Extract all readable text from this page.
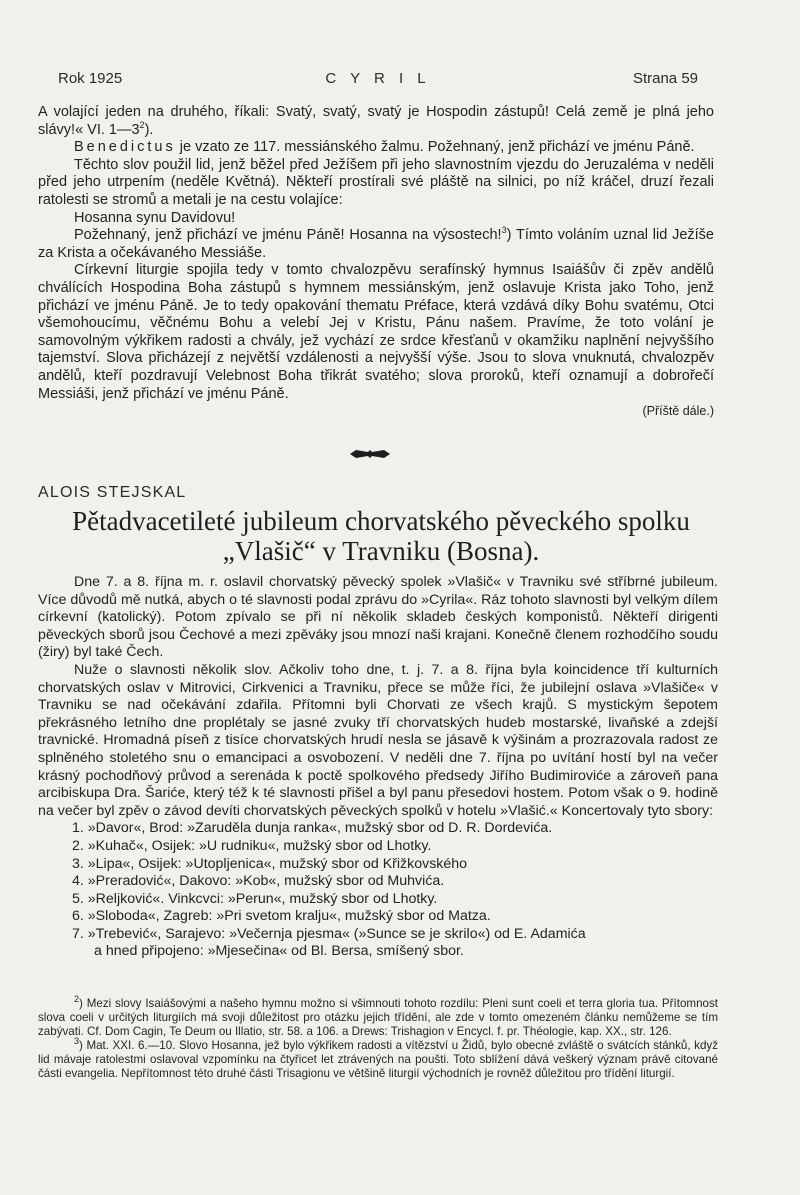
Rok 1925	C Y R I L	Strana 59

A volající jeden na druhého, říkali: Svatý, svatý, svatý je Hospodin zástupů! Celá země je plná jeho slávy!« VI. $1—3^2$).

Benedictus je vzato ze 117. messiánského žalmu. Požehnaný, jenž přichází ve jménu Páně.

Těchto slov použil lid, jenž běžel před Ježíšem při jeho slavnostním vjezdu do Jeruzaléma v neděli před jeho utrpením (neděle Květná). Někteří prostírali své pláště na silnici, po níž kráčel, druzí řezali ratolesti se stromů a metali je na cestu volajíce:

Hosanna synu Davidovu!

Požehnaný, jenž přichází ve jménu Páně! Hosanna na výsostech!$^3$) Tímto voláním uznal lid Ježíše za Krista a očekávaného Messiáše.

Církevní liturgie spojila tedy v tomto chvalozpěvu serafínský hymnus Isaiášův či zpěv andělů chválících Hospodina Boha zástupů s hymnem messiánským, jenž oslavuje Krista jako Toho, jenž přichází ve jménu Páně. Je to tedy opakování thematu Préface, která vzdává díky Bohu svatému, Otci všemohoucímu, věčnému Bohu a velebí Jej v Kristu, Pánu našem. Pravíme, že toto volání je samovolným výkřikem radosti a chvály, jež vychází ze srdce křesťanů v okamžiku naplnění nejvyššího tajemství. Slova přicházejí z největší vzdálenosti a nejvyšší výše. Jsou to slova vnuknutá, chvalozpěv andělů, kteří pozdravují Velebnost Boha třikrát svatého; slova proroků, kteří oznamují a dobrořečí Messiáši, jenž přichází ve jménu Páně.

(Příště dále.)

ALOIS STEJSKAL
Pětadvacetileté jubileum chorvatského pěveckého spolku
„Vlašič“ v Travniku (Bosna).

Dne 7. a 8. října m. r. oslavil chorvatský pěvecký spolek »Vlašič« v Travniku své stříbrné jubileum. Více důvodů mě nutká, abych o té slavnosti podal zprávu do »Cyrila«. Ráz tohoto slavnosti byl velkým dílem církevní (katolický). Potom zpívalo se při ní několik skladeb českých komponistů. Někteří dirigenti pěveckých sborů jsou Čechové a mezi zpěváky jsou mnozí naši krajani. Konečně členem rozhodčího soudu (žiry) byl také Čech.

Nuže o slavnosti několik slov. Ačkoliv toho dne, t. j. 7. a 8. října byla koincidence tří kulturních chorvatských oslav v Mitrovici, Cirkvenici a Travniku, přece se může říci, že jubilejní oslava »Vlašiče« v Travniku se nad očekávání zdařila. Přítomni byli Chorvati ze všech krajů. S mystickým šepotem překrásného letního dne proplétaly se jasné zvuky tří chorvatských hudeb mostarské, livaňské a zdejší travnické. Hromadná píseň z tisíce chorvatských hrudí nesla se jásavě k výšinám a prozrazovala radost ze splněného stoletého snu o emancipaci a osvobození. V neděli dne 7. října po uvítání hostí byl na večer krásný pochodňový průvod a serenáda k poctě spolkového předsedy Jiřího Budimiroviće a zároveň pana arcibiskupa Dra. Šariće, který též k té slavnosti přišel a byl panu přesedovi hostem. Potom však o 9. hodině na večer byl zpěv o závod devíti chorvatských pěveckých spolků v hotelu »Vlašić.« Koncertovaly tyto sbory:

1. »Davor«, Brod: »Zaruděla dunja ranka«, mužský sbor od D. R. Dordevića.
2. »Kuhač«, Osijek: »U rudniku«, mužský sbor od Lhotky.
3. »Lipa«, Osijek: »Utopljenica«, mužský sbor od Křižkovského
4. »Preradović«, Dakovo: »Kob«, mužský sbor od Muhvića.
5. »Reljković«. Vinkcvci: »Perun«, mužský sbor od Lhotky.
6. »Sloboda«, Zagreb: »Pri svetom kralju«, mužský sbor od Matza.
7. »Trebević«, Sarajevo: »Večernja pjesma« (»Sunce se je skrilo«) od E. Adamića
a hned připojeno: »Mjesečina« od Bl. Bersa, smíšený sbor.

$^2$) Mezi slovy Isaiášovými a našeho hymnu možno si všimnouti tohoto rozdílu: Pleni sunt coeli et terra gloria tua. Přítomnost slova coeli v určitých liturgiích má svoji důležitost pro otázku jejich třídění, ale zde v tomto omezeném článku nemůžeme se tím zabývati. Cf. Dom Cagin, Te Deum ou Illatio, str. 58. a 106. a Drews: Trishagion v Encycl. f. pr. Théologie, kap. XX., str. 126.

$^3$) Mat. XXI. 6.—10. Slovo Hosanna, jež bylo výkřikem radosti a vítězství u Židů, bylo obecné zvláště o svátcích stánků, když lid mávaje ratolestmi oslavoval vzpomínku na čtyřicet let ztrávených na poušti. Toto sblížení dává veškerý význam právě citované části evangelia. Nepřítomnost této druhé části Trisagionu ve většině liturgií východních je rovněž důležitou pro třídění liturgií.
